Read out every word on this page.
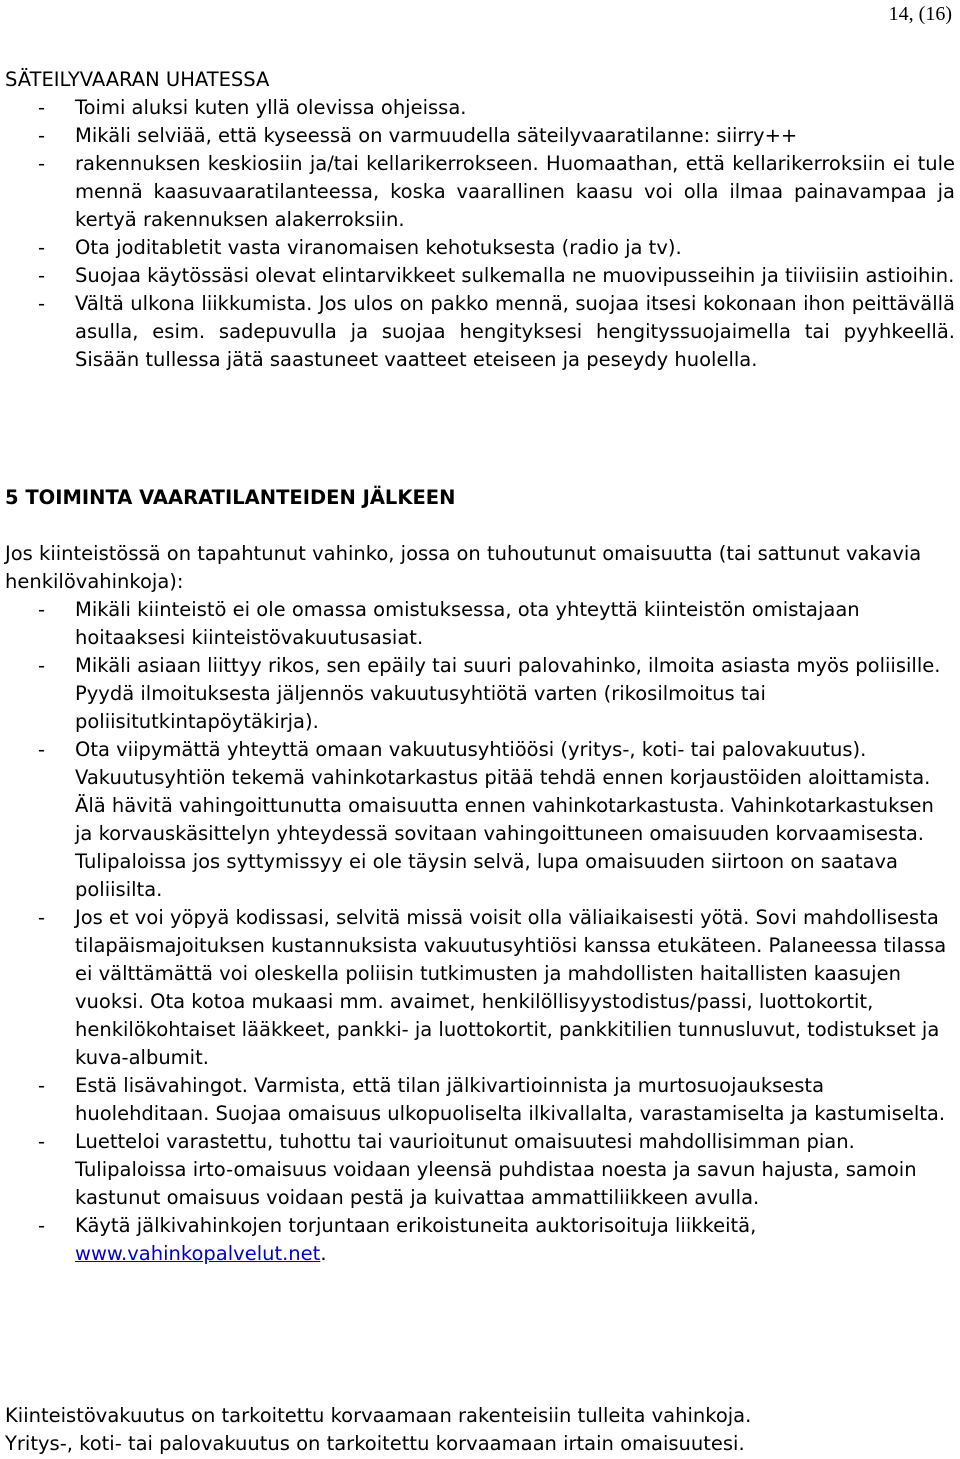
14, (16)

SÄTEILYVAARAN UHATESSA

- Toimi aluksi kuten yllä olevissa ohjeissa.
- Mikäli selviää, että kyseessä on varmuudella säteilyvaaratilanne: siirry++
- rakennuksen keskiosiin ja/tai kellarikerrokseen. Huomaathan, että kellarikerroksiin ei tule mennä kaasuvaaratilanteessa, koska vaarallinen kaasu voi olla ilmaa painavampaa ja kertyä rakennuksen alakerroksiin.
- Ota joditabletit vasta viranomaisen kehotuksesta (radio ja tv).
- Suojaa käytössäsi olevat elintarvikkeet sulkemalla ne muovipusseihin ja tiiviisiin astioihin.
- Vältä ulkona liikkumista. Jos ulos on pakko mennä, suojaa itsesi kokonaan ihon peittävällä asulla, esim. sadepuvulla ja suojaa hengityksesi hengityssuojaimella tai pyyhkeellä. Sisään tullessa jätä saastuneet vaatteet eteiseen ja peseydy huolella.
5 TOIMINTA VAARATILANTEIDEN JÄLKEEN

Jos kiinteistössä on tapahtunut vahinko, jossa on tuhoutunut omaisuutta (tai sattunut vakavia henkilövahinkoja):

- Mikäli kiinteistö ei ole omassa omistuksessa, ota yhteyttä kiinteistön omistajaan hoitaaksesi kiinteistövakuutusasiat.
- Mikäli asiaan liittyy rikos, sen epäily tai suuri palovahinko, ilmoita asiasta myös poliisille. Pyydä ilmoituksesta jäljennös vakuutusyhtiötä varten (rikosilmoitus tai poliisitutkintapöytäkirja).
- Ota viipymättä yhteyttä omaan vakuutusyhtiöösi (yritys-, koti- tai palovakuutus). Vakuutusyhtiön tekemä vahinkotarkastus pitää tehdä ennen korjaustöiden aloittamista. Älä hävitä vahingoittunutta omaisuutta ennen vahinkotarkastusta. Vahinkotarkastuksen ja korvauskäsittelyn yhteydessä sovitaan vahingoittuneen omaisuuden korvaamisesta. Tulipaloissa jos syttymissyy ei ole täysin selvä, lupa omaisuuden siirtoon on saatava poliisilta.
- Jos et voi yöpyä kodissasi, selvitä missä voisit olla väliaikaisesti yötä. Sovi mahdollisesta tilapäismajoituksen kustannuksista vakuutusyhtiösi kanssa etukäteen. Palaneessa tilassa ei välttämättä voi oleskella poliisin tutkimusten ja mahdollisten haitallisten kaasujen vuoksi. Ota kotoa mukaasi mm. avaimet, henkilöllisyystodistus/passi, luottokortit, henkilökohtaiset lääkkeet, pankki- ja luottokortit, pankkitilien tunnusluvut, todistukset ja kuva-albumit.
- Estä lisävahingot. Varmista, että tilan jälkivartioinnista ja murtosuojauksesta huolehditaan. Suojaa omaisuus ulkopuoliselta ilkivallalta, varastamiselta ja kastumiselta.
- Luetteloi varastettu, tuhottu tai vaurioitunut omaisuutesi mahdollisimman pian. Tulipaloissa irto-omaisuus voidaan yleensä puhdistaa noesta ja savun hajusta, samoin kastunut omaisuus voidaan pestä ja kuivattaa ammattiliikkeen avulla.
- Käytä jälkivahinkojen torjuntaan erikoistuneita auktorisoituja liikkeitä, www.vahinkopalvelut.net.

Kiinteistövakuutus on tarkoitettu korvaamaan rakenteisiin tulleita vahinkoja.

Yritys-, koti- tai palovakuutus on tarkoitettu korvaamaan irtain omaisuutesi.
